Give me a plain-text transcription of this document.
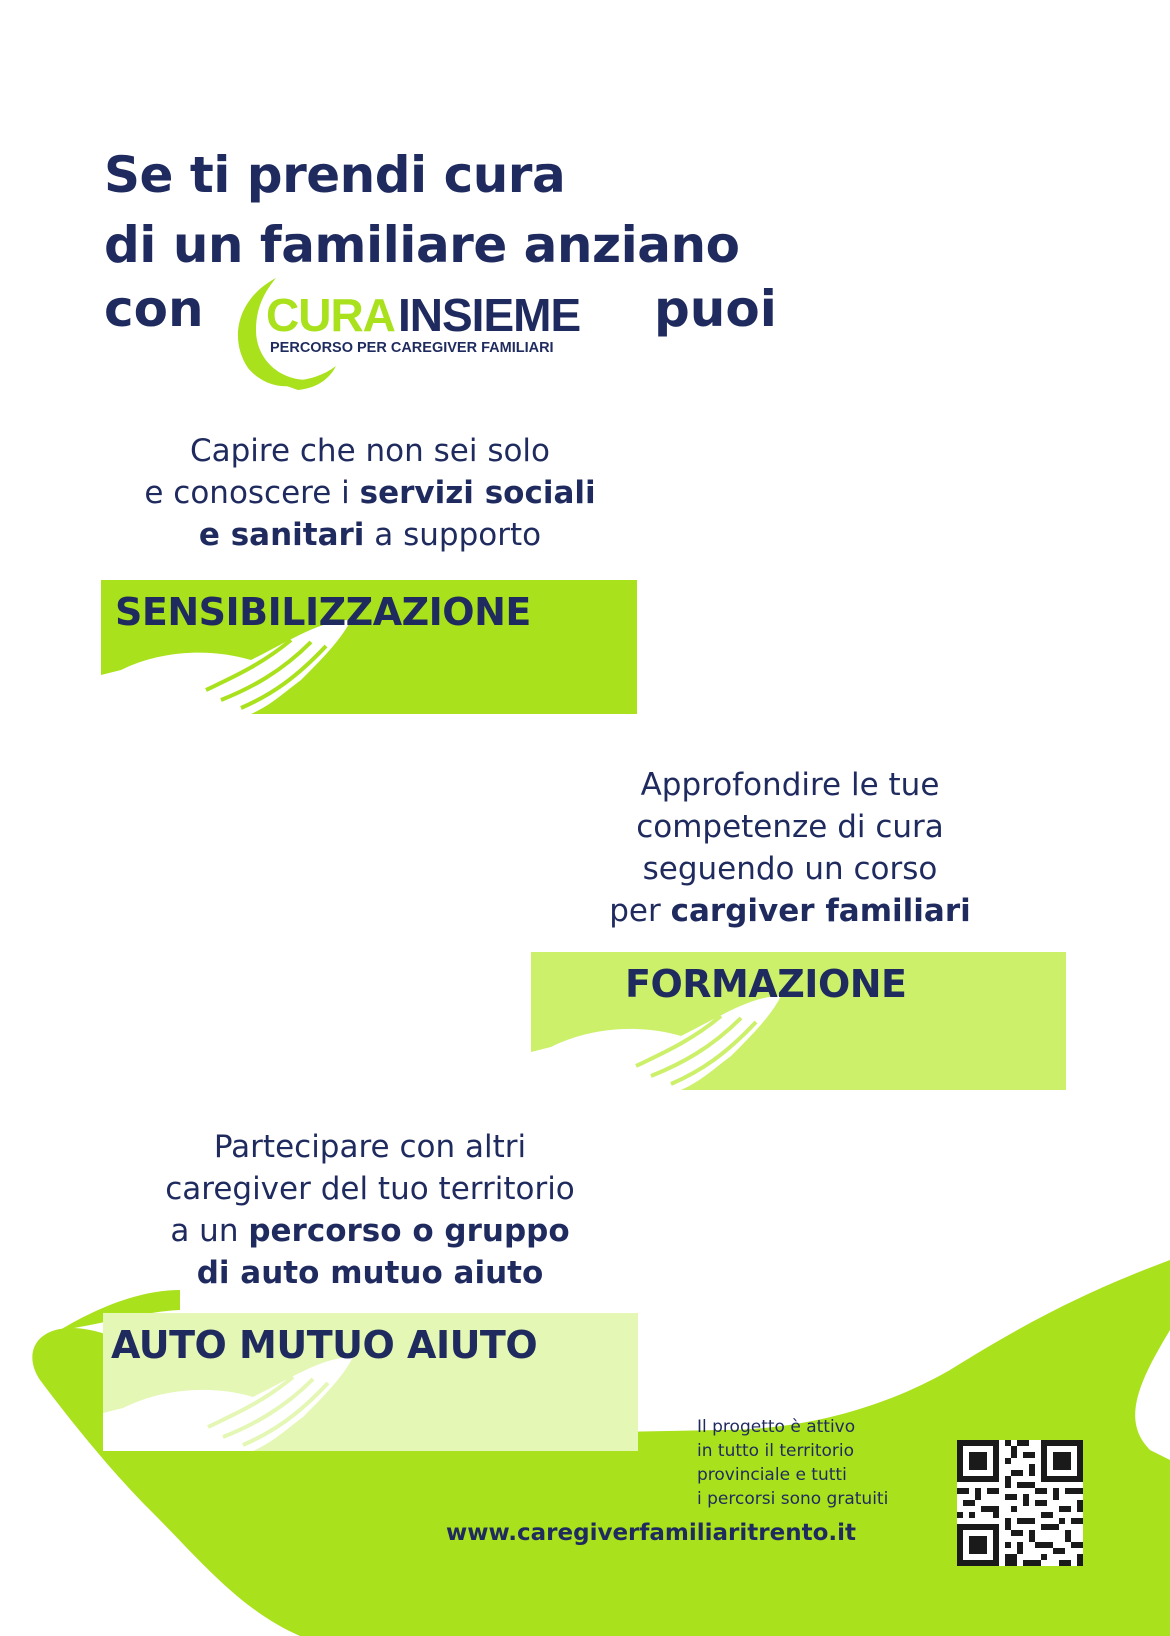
Se ti prendi cura
di un familiare anziano
con CURA INSIEME
PERCORSO PER CAREGIVER FAMILIARI
puoi
Capire che non sei solo
e conoscere i servizi sociali
e sanitari a supporto
SENSIBILIZZAZIONE
Approfondire le tue
competenze di cura
seguendo un corso
per cargiver familiari
FORMAZIONE
Partecipare con altri
caregiver del tuo territorio
a un percorso o gruppo
di auto mutuo aiuto
AUTO MUTUO AIUTO
Il progetto è attivo
in tutto il territorio
provinciale e tutti
i percorsi sono gratuiti
www.caregiverfamiliaritrento.it
